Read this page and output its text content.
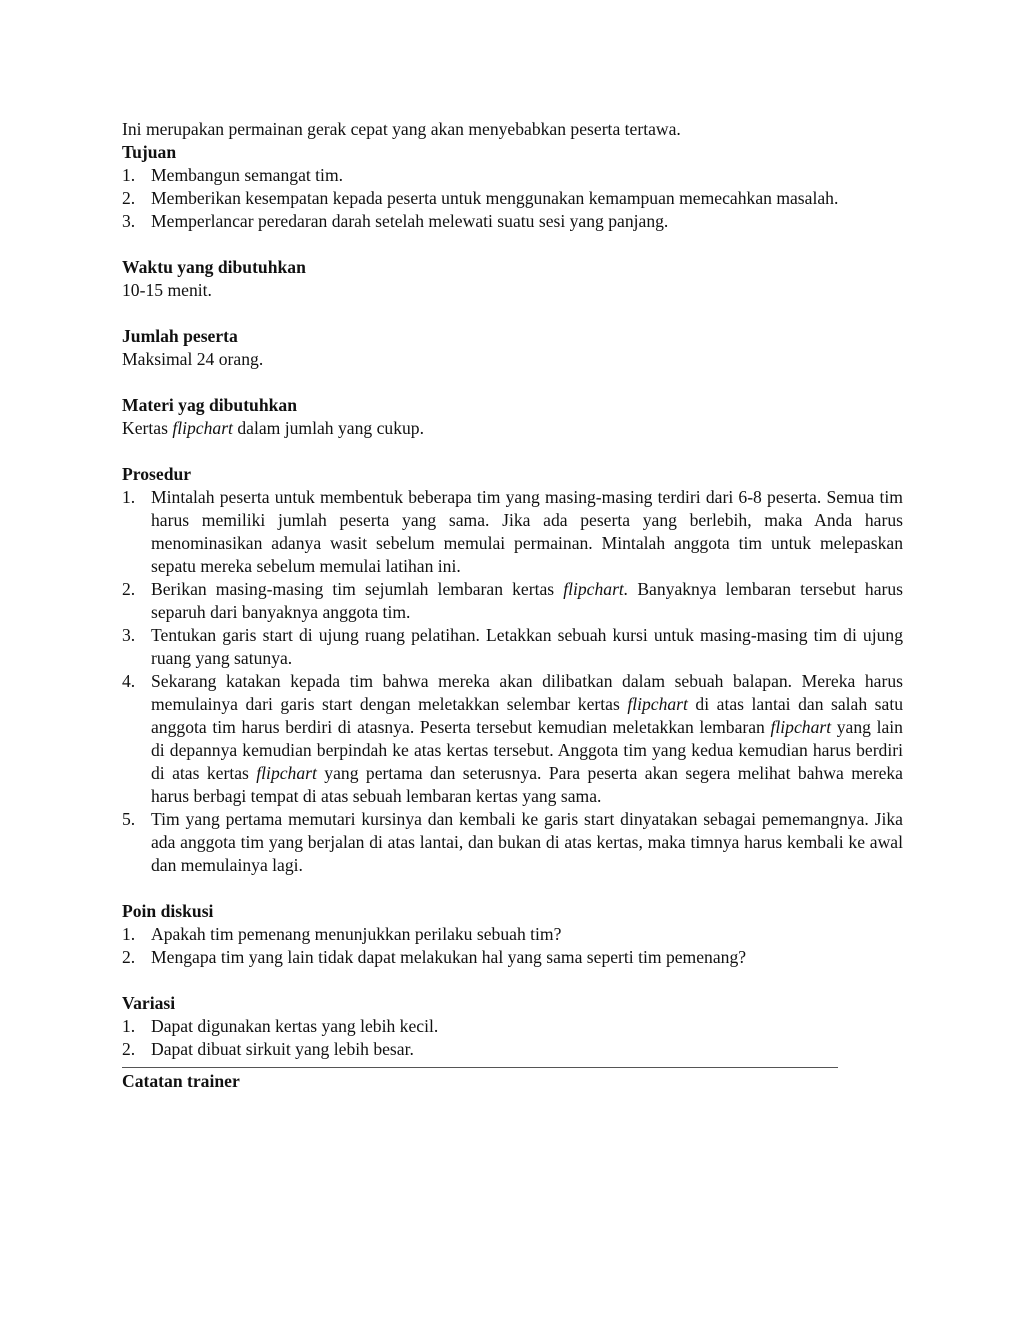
Ini merupakan permainan gerak cepat yang akan menyebabkan peserta tertawa.

Tujuan
1. Membangun semangat tim.
2. Memberikan kesempatan kepada peserta untuk menggunakan kemampuan memecahkan masalah.
3. Memperlancar peredaran darah setelah melewati suatu sesi yang panjang.
Waktu yang dibutuhkan

10-15 menit.

Jumlah peserta

Maksimal 24 orang.

Materi yag dibutuhkan

Kertas flipchart dalam jumlah yang cukup.

Prosedur
1. Mintalah peserta untuk membentuk beberapa tim yang masing-masing terdiri dari 6-8 peserta. Semua tim harus memiliki jumlah peserta yang sama. Jika ada peserta yang berlebih, maka Anda harus menominasikan adanya wasit sebelum memulai permainan. Mintalah anggota tim untuk melepaskan sepatu mereka sebelum memulai latihan ini.
2. Berikan masing-masing tim sejumlah lembaran kertas flipchart. Banyaknya lembaran tersebut harus separuh dari banyaknya anggota tim.
3. Tentukan garis start di ujung ruang pelatihan. Letakkan sebuah kursi untuk masing-masing tim di ujung ruang yang satunya.
4. Sekarang katakan kepada tim bahwa mereka akan dilibatkan dalam sebuah balapan. Mereka harus memulainya dari garis start dengan meletakkan selembar kertas flipchart di atas lantai dan salah satu anggota tim harus berdiri di atasnya. Peserta tersebut kemudian meletakkan lembaran flipchart yang lain di depannya kemudian berpindah ke atas kertas tersebut. Anggota tim yang kedua kemudian harus berdiri di atas kertas flipchart yang pertama dan seterusnya. Para peserta akan segera melihat bahwa mereka harus berbagi tempat di atas sebuah lembaran kertas yang sama.
5. Tim yang pertama memutari kursinya dan kembali ke garis start dinyatakan sebagai pememangnya. Jika ada anggota tim yang berjalan di atas lantai, dan bukan di atas kertas, maka timnya harus kembali ke awal dan memulainya lagi.
Poin diskusi
1. Apakah tim pemenang menunjukkan perilaku sebuah tim?
2. Mengapa tim yang lain tidak dapat melakukan hal yang sama seperti tim pemenang?
Variasi
1. Dapat digunakan kertas yang lebih kecil.
2. Dapat dibuat sirkuit yang lebih besar.
Catatan trainer
